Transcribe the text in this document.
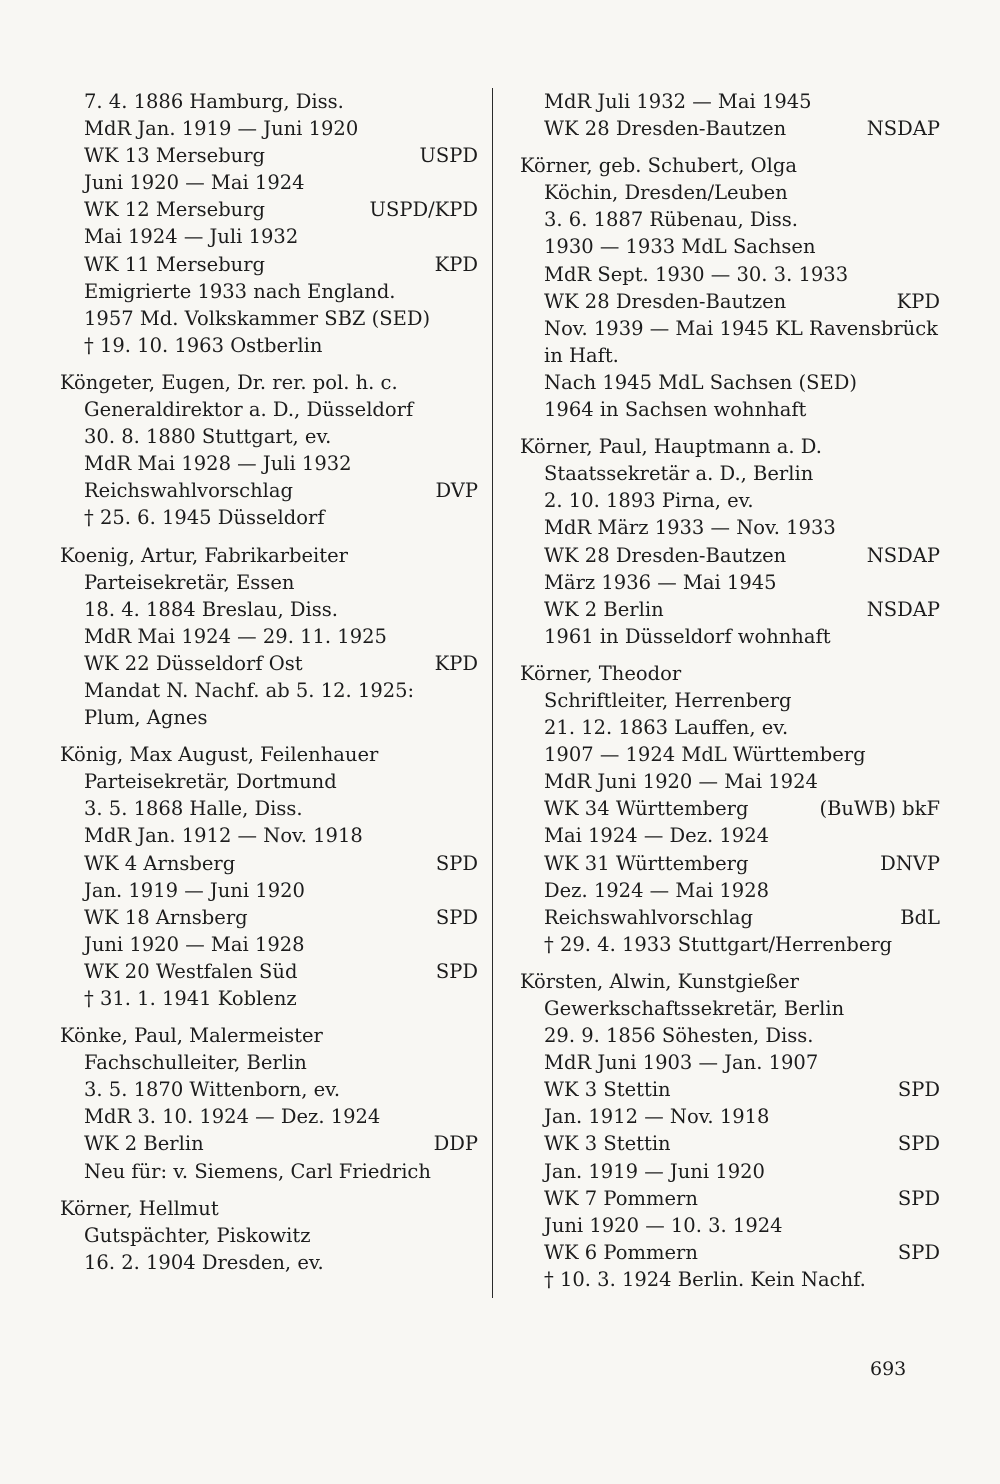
7. 4. 1886 Hamburg, Diss.
MdR Jan. 1919 — Juni 1920
WK 13 Merseburg	USPD
Juni 1920 — Mai 1924
WK 12 Merseburg	USPD/KPD
Mai 1924 — Juli 1932
WK 11 Merseburg	KPD
Emigrierte 1933 nach England.
1957 Md. Volkskammer SBZ (SED)
† 19. 10. 1963 Ostberlin
Köngeter, Eugen, Dr. rer. pol. h. c.
Generaldirektor a. D., Düsseldorf
30. 8. 1880 Stuttgart, ev.
MdR Mai 1928 — Juli 1932
Reichswahlvorschlag	DVP
† 25. 6. 1945 Düsseldorf
Koenig, Artur, Fabrikarbeiter
Parteisekretär, Essen
18. 4. 1884 Breslau, Diss.
MdR Mai 1924 — 29. 11. 1925
WK 22 Düsseldorf Ost	KPD
Mandat N. Nachf. ab 5. 12. 1925:
Plum, Agnes
König, Max August, Feilenhauer
Parteisekretär, Dortmund
3. 5. 1868 Halle, Diss.
MdR Jan. 1912 — Nov. 1918
WK 4 Arnsberg	SPD
Jan. 1919 — Juni 1920
WK 18 Arnsberg	SPD
Juni 1920 — Mai 1928
WK 20 Westfalen Süd	SPD
† 31. 1. 1941 Koblenz
Könke, Paul, Malermeister
Fachschulleiter, Berlin
3. 5. 1870 Wittenborn, ev.
MdR 3. 10. 1924 — Dez. 1924
WK 2 Berlin	DDP
Neu für: v. Siemens, Carl Friedrich
Körner, Hellmut
Gutspächter, Piskowitz
16. 2. 1904 Dresden, ev.
MdR Juli 1932 — Mai 1945
WK 28 Dresden-Bautzen	NSDAP
Körner, geb. Schubert, Olga
Köchin, Dresden/Leuben
3. 6. 1887 Rübenau, Diss.
1930 — 1933 MdL Sachsen
MdR Sept. 1930 — 30. 3. 1933
WK 28 Dresden-Bautzen	KPD
Nov. 1939 — Mai 1945 KL Ravensbrück
in Haft.
Nach 1945 MdL Sachsen (SED)
1964 in Sachsen wohnhaft
Körner, Paul, Hauptmann a. D.
Staatssekretär a. D., Berlin
2. 10. 1893 Pirna, ev.
MdR März 1933 — Nov. 1933
WK 28 Dresden-Bautzen	NSDAP
März 1936 — Mai 1945
WK 2 Berlin	NSDAP
1961 in Düsseldorf wohnhaft
Körner, Theodor
Schriftleiter, Herrenberg
21. 12. 1863 Lauffen, ev.
1907 — 1924 MdL Württemberg
MdR Juni 1920 — Mai 1924
WK 34 Württemberg	(BuWB) bkF
Mai 1924 — Dez. 1924
WK 31 Württemberg	DNVP
Dez. 1924 — Mai 1928
Reichswahlvorschlag	BdL
† 29. 4. 1933 Stuttgart/Herrenberg
Körsten, Alwin, Kunstgießer
Gewerkschaftssekretär, Berlin
29. 9. 1856 Söhesten, Diss.
MdR Juni 1903 — Jan. 1907
WK 3 Stettin	SPD
Jan. 1912 — Nov. 1918
WK 3 Stettin	SPD
Jan. 1919 — Juni 1920
WK 7 Pommern	SPD
Juni 1920 — 10. 3. 1924
WK 6 Pommern	SPD
† 10. 3. 1924 Berlin. Kein Nachf.
693
